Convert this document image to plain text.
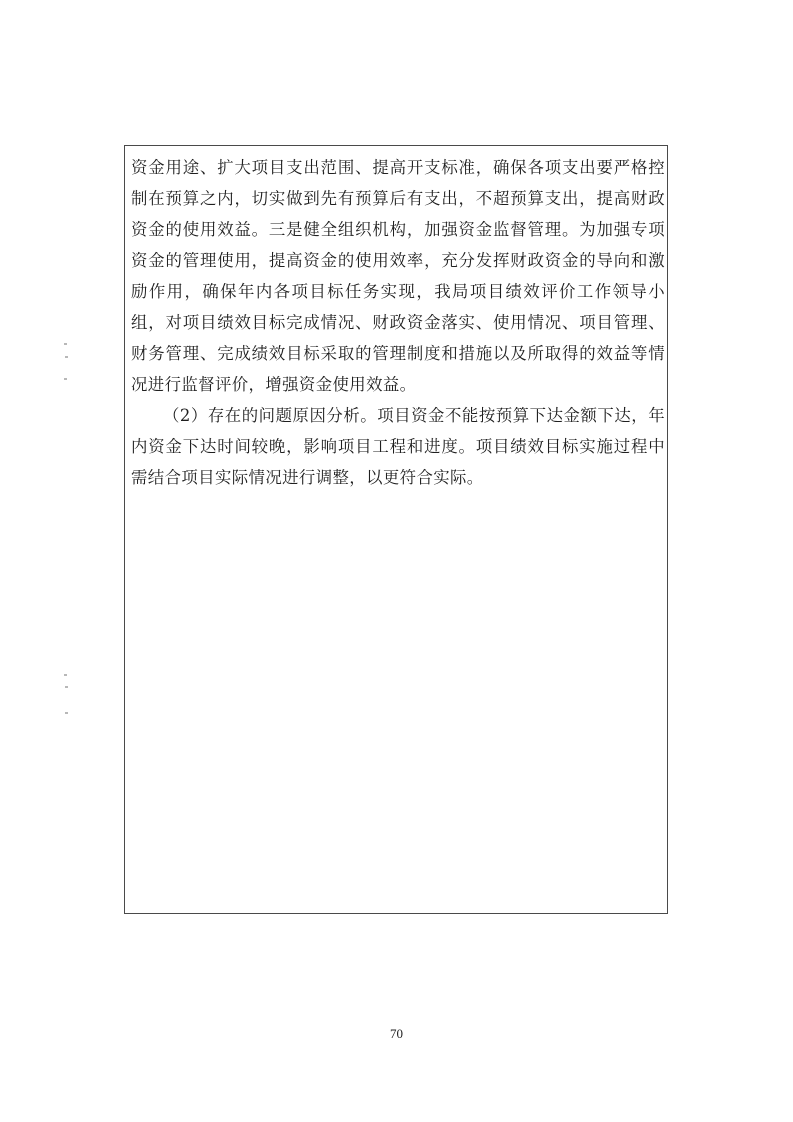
资金用途、扩大项目支出范围、提高开支标准，确保各项支出要严格控制在预算之内，切实做到先有预算后有支出，不超预算支出，提高财政资金的使用效益。三是健全组织机构，加强资金监督管理。为加强专项资金的管理使用，提高资金的使用效率，充分发挥财政资金的导向和激励作用，确保年内各项目标任务实现，我局项目绩效评价工作领导小组，对项目绩效目标完成情况、财政资金落实、使用情况、项目管理、财务管理、完成绩效目标采取的管理制度和措施以及所取得的效益等情况进行监督评价，增强资金使用效益。

（2）存在的问题原因分析。项目资金不能按预算下达金额下达，年内资金下达时间较晚，影响项目工程和进度。项目绩效目标实施过程中需结合项目实际情况进行调整，以更符合实际。

70
